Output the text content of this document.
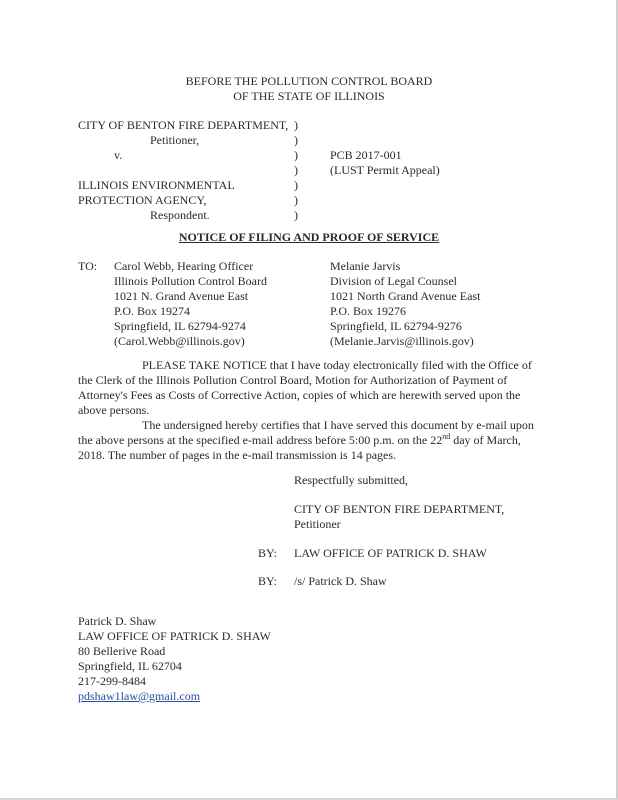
BEFORE THE POLLUTION CONTROL BOARD
OF THE STATE OF ILLINOIS
CITY OF BENTON FIRE DEPARTMENT,
Petitioner,
v.
ILLINOIS ENVIRONMENTAL
PROTECTION AGENCY,
Respondent.
)
)
)
)
)
)
)
PCB 2017-001
(LUST Permit Appeal)
NOTICE OF FILING AND PROOF OF SERVICE
TO: Carol Webb, Hearing Officer
Illinois Pollution Control Board
1021 N. Grand Avenue East
P.O. Box 19274
Springfield, IL 62794-9274
(Carol.Webb@illinois.gov)
Melanie Jarvis
Division of Legal Counsel
1021 North Grand Avenue East
P.O. Box 19276
Springfield, IL 62794-9276
(Melanie.Jarvis@illinois.gov)
PLEASE TAKE NOTICE that I have today electronically filed with the Office of the Clerk of the Illinois Pollution Control Board, Motion for Authorization of Payment of Attorney's Fees as Costs of Corrective Action, copies of which are herewith served upon the above persons.
The undersigned hereby certifies that I have served this document by e-mail upon the above persons at the specified e-mail address before 5:00 p.m. on the 22nd day of March, 2018. The number of pages in the e-mail transmission is 14 pages.
Respectfully submitted,
CITY OF BENTON FIRE DEPARTMENT,
Petitioner
BY: LAW OFFICE OF PATRICK D. SHAW
BY: /s/ Patrick D. Shaw
Patrick D. Shaw
LAW OFFICE OF PATRICK D. SHAW
80 Bellerive Road
Springfield, IL 62704
217-299-8484
pdshaw1law@gmail.com
